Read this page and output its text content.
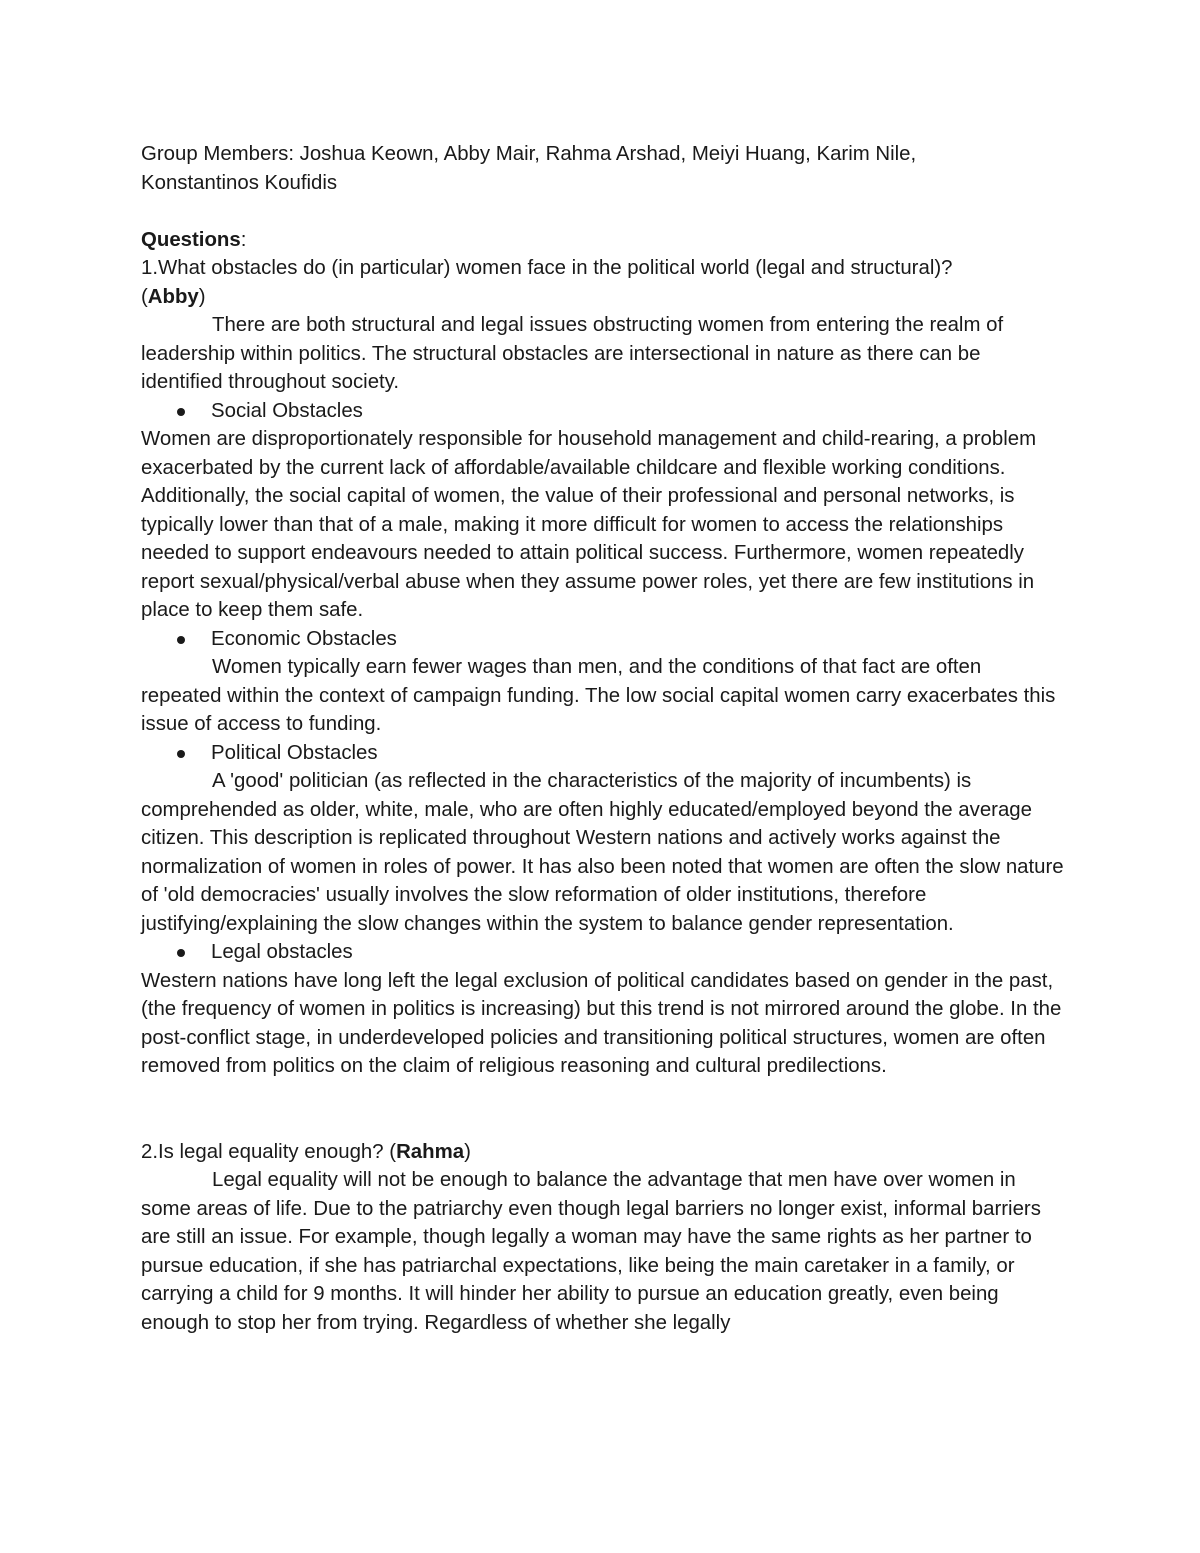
Group Members: Joshua Keown, Abby Mair, Rahma Arshad, Meiyi Huang, Karim Nile,
Konstantinos Koufidis

Questions:

1.What obstacles do (in particular) women face in the political world (legal and structural)?

(Abby)

There are both structural and legal issues obstructing women from entering the realm of leadership within politics. The structural obstacles are intersectional in nature as there can be identified throughout society.

Social Obstacles

Women are disproportionately responsible for household management and child-rearing, a problem exacerbated by the current lack of affordable/available childcare and flexible working conditions. Additionally, the social capital of women, the value of their professional and personal networks, is typically lower than that of a male, making it more difficult for women to access the relationships needed to support endeavours needed to attain political success. Furthermore, women repeatedly report sexual/physical/verbal abuse when they assume power roles, yet there are few institutions in place to keep them safe.

Economic Obstacles

Women typically earn fewer wages than men, and the conditions of that fact are often repeated within the context of campaign funding. The low social capital women carry exacerbates this issue of access to funding.

Political Obstacles

A 'good' politician (as reflected in the characteristics of the majority of incumbents) is comprehended as older, white, male, who are often highly educated/employed beyond the average citizen. This description is replicated throughout Western nations and actively works against the normalization of women in roles of power. It has also been noted that women are often the slow nature of 'old democracies' usually involves the slow reformation of older institutions, therefore justifying/explaining the slow changes within the system to balance gender representation.

Legal obstacles

Western nations have long left the legal exclusion of political candidates based on gender in the past, (the frequency of women in politics is increasing) but this trend is not mirrored around the globe. In the post-conflict stage, in underdeveloped policies and transitioning political structures, women are often removed from politics on the claim of religious reasoning and cultural predilections.

2.Is legal equality enough? (Rahma)

Legal equality will not be enough to balance the advantage that men have over women in some areas of life. Due to the patriarchy even though legal barriers no longer exist, informal barriers are still an issue. For example, though legally a woman may have the same rights as her partner to pursue education, if she has patriarchal expectations, like being the main caretaker in a family, or carrying a child for 9 months. It will hinder her ability to pursue an education greatly, even being enough to stop her from trying. Regardless of whether she legally
